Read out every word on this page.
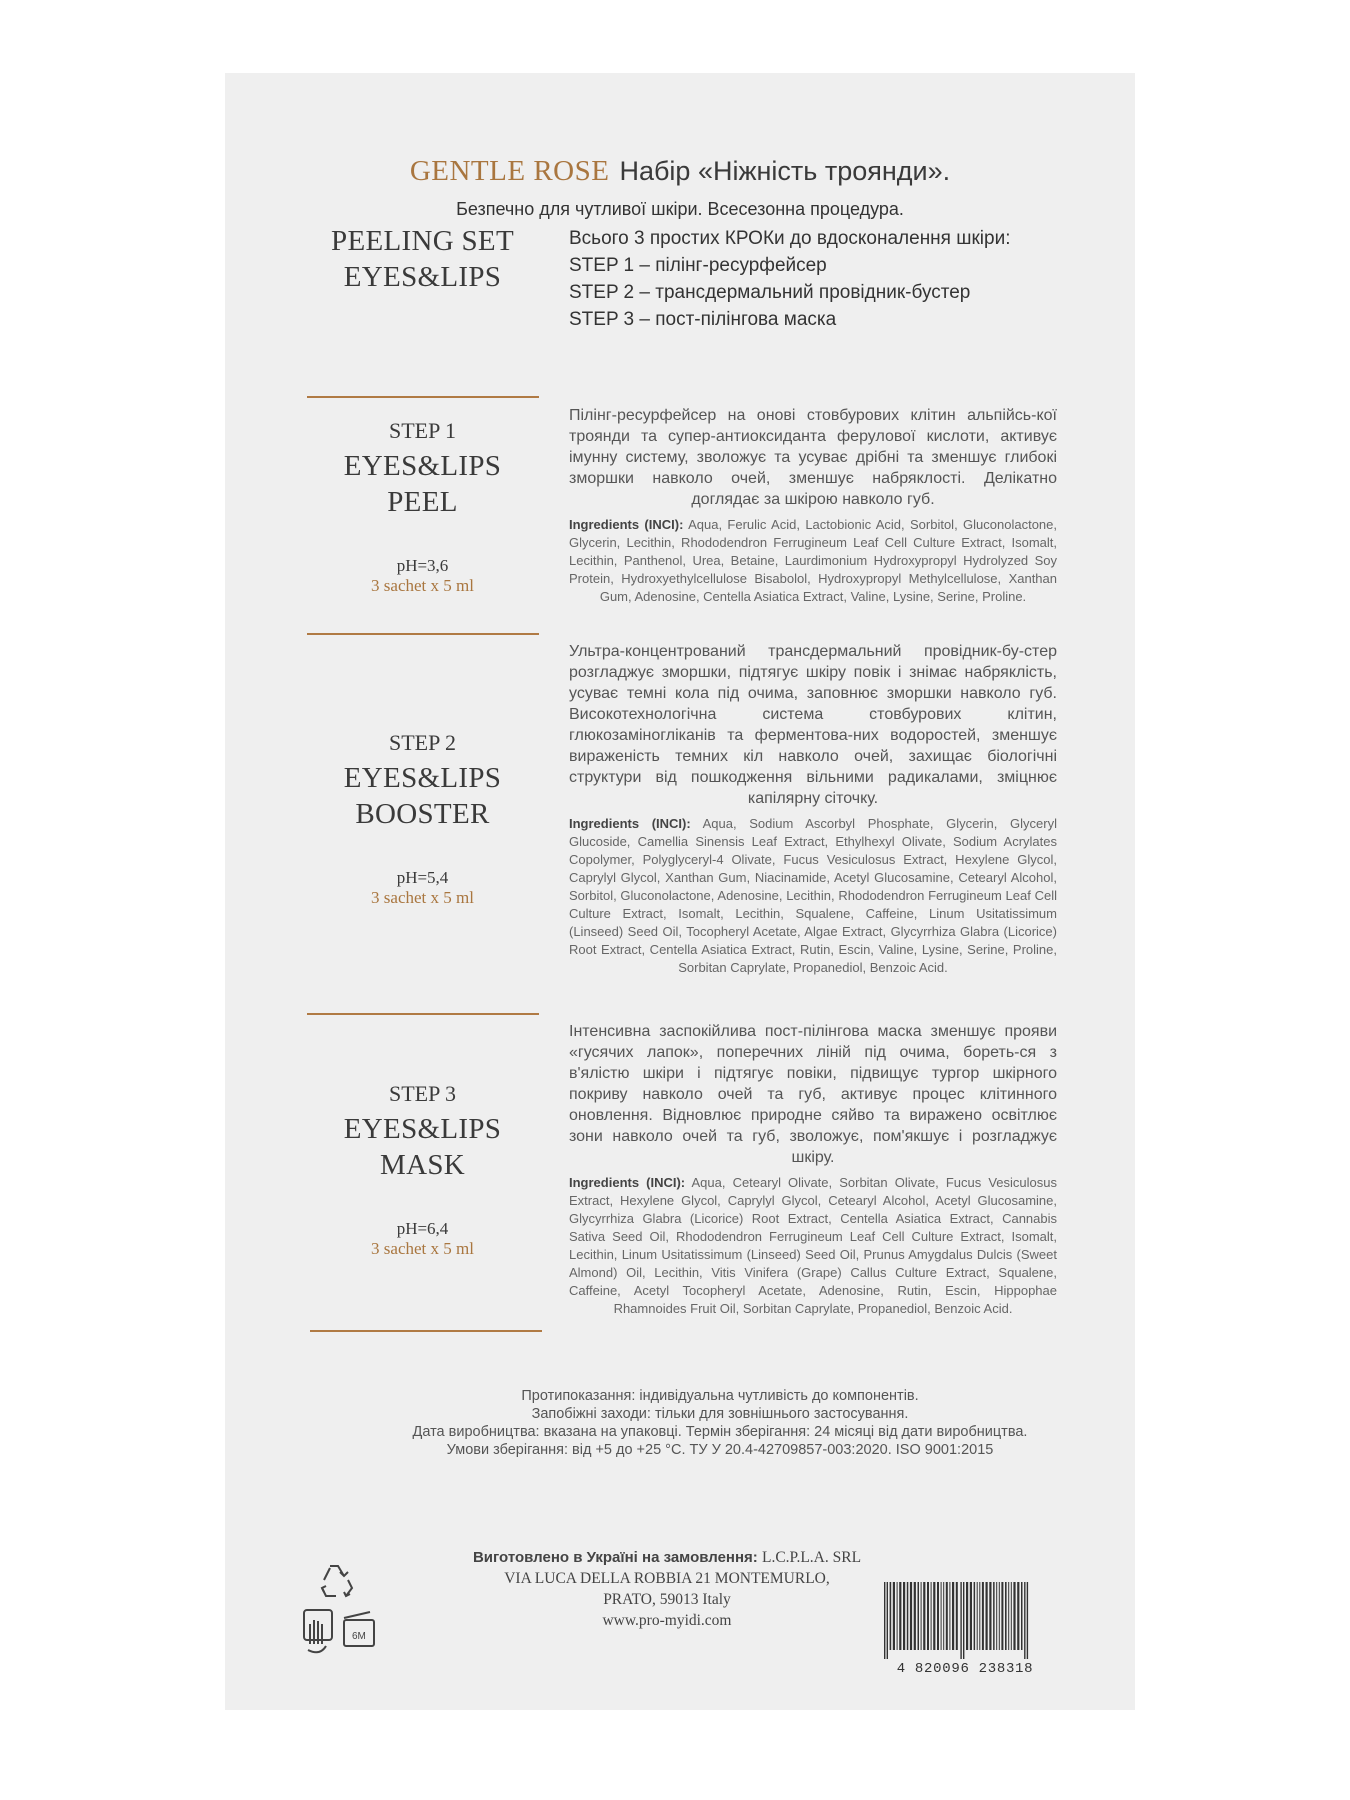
GENTLE ROSE Набір «Ніжність троянди».
Безпечно для чутливої шкіри. Всесезонна процедура.
PEELING SET
EYES&LIPS
Всього 3 простих КРОКи до вдосконалення шкіри:
STEP 1 – пілінг-ресурфейсер
STEP 2 – трансдермальний провідник-бустер
STEP 3 – пост-пілінгова маска
STEP 1
EYES&LIPS
PEEL
pH=3,6
3 sachet x 5 ml
Пілінг-ресурфейсер на онові стовбурових клітин альпійсь-кої троянди та супер-антиоксиданта ферулової кислоти, активує імунну систему, зволожує та усуває дрібні та зменшує глибокі зморшки навколо очей, зменшує набряклості. Делікатно доглядає за шкірою навколо губ.
Ingredients (INCI): Aqua, Ferulic Acid, Lactobionic Acid, Sorbitol, Gluconolactone, Glycerin, Lecithin, Rhododendron Ferrugineum Leaf Cell Culture Extract, Isomalt, Lecithin, Panthenol, Urea, Betaine, Laurdimonium Hydroxypropyl Hydrolyzed Soy Protein, Hydroxyethylcellulose Bisabolol, Hydroxypropyl Methylcellulose, Xanthan Gum, Adenosine, Centella Asiatica Extract, Valine, Lysine, Serine, Proline.
STEP 2
EYES&LIPS
BOOSTER
pH=5,4
3 sachet x 5 ml
Ультра-концентрований трансдермальний провідник-бу-стер розгладжує зморшки, підтягує шкіру повік і знімає набряклість, усуває темні кола під очима, заповнює зморшки навколо губ. Високотехнологічна система стовбурових клітин, глюкозаміногліканів та ферментова-них водоростей, зменшує вираженість темних кіл навколо очей, захищає біологічні структури від пошкодження вільними радикалами, зміцнює капілярну сіточку.
Ingredients (INCI): Aqua, Sodium Ascorbyl Phosphate, Glycerin, Glyceryl Glucoside, Camellia Sinensis Leaf Extract, Ethylhexyl Olivate, Sodium Acrylates Copolymer, Polyglyceryl-4 Olivate, Fucus Vesiculosus Extract, Hexylene Glycol, Caprylyl Glycol, Xanthan Gum, Niacinamide, Acetyl Glucosamine, Cetearyl Alcohol, Sorbitol, Gluconolactone, Adenosine, Lecithin, Rhododendron Ferrugineum Leaf Cell Culture Extract, Isomalt, Lecithin, Squalene, Caffeine, Linum Usitatissimum (Linseed) Seed Oil, Tocopheryl Acetate, Algae Extract, Glycyrrhiza Glabra (Licorice) Root Extract, Centella Asiatica Extract, Rutin, Escin, Valine, Lysine, Serine, Proline, Sorbitan Caprylate, Propanediol, Benzoic Acid.
STEP 3
EYES&LIPS
MASK
pH=6,4
3 sachet x 5 ml
Інтенсивна заспокійлива пост-пілінгова маска зменшує прояви «гусячих лапок», поперечних ліній під очима, бореть-ся з в'ялістю шкіри і підтягує повіки, підвищує тургор шкірного покриву навколо очей та губ, активує процес клітинного оновлення. Відновлює природне сяйво та виражено освітлює зони навколо очей та губ, зволожує, пом'якшує і розгладжує шкіру.
Ingredients (INCI): Aqua, Cetearyl Olivate, Sorbitan Olivate, Fucus Vesiculosus Extract, Hexylene Glycol, Caprylyl Glycol, Cetearyl Alcohol, Acetyl Glucosamine, Glycyrrhiza Glabra (Licorice) Root Extract, Centella Asiatica Extract, Cannabis Sativa Seed Oil, Rhododendron Ferrugineum Leaf Cell Culture Extract, Isomalt, Lecithin, Linum Usitatissimum (Linseed) Seed Oil, Prunus Amygdalus Dulcis (Sweet Almond) Oil, Lecithin, Vitis Vinifera (Grape) Callus Culture Extract, Squalene, Caffeine, Acetyl Tocopheryl Acetate, Adenosine, Rutin, Escin, Hippophae Rhamnoides Fruit Oil, Sorbitan Caprylate, Propanediol, Benzoic Acid.
Протипоказання: індивідуальна чутливість до компонентів.
Запобіжні заходи: тільки для зовнішнього застосування.
Дата виробництва: вказана на упаковці. Термін зберігання: 24 місяці від дати виробництва.
Умови зберігання: від +5 до +25 °С. ТУ У 20.4-42709857-003:2020. ISO 9001:2015
Виготовлено в Україні на замовлення: L.C.P.L.A. SRL
VIA LUCA DELLA ROBBIA 21 MONTEMURLO,
PRATO, 59013 Italy
www.pro-myidi.com
6M
4 820096 238318
